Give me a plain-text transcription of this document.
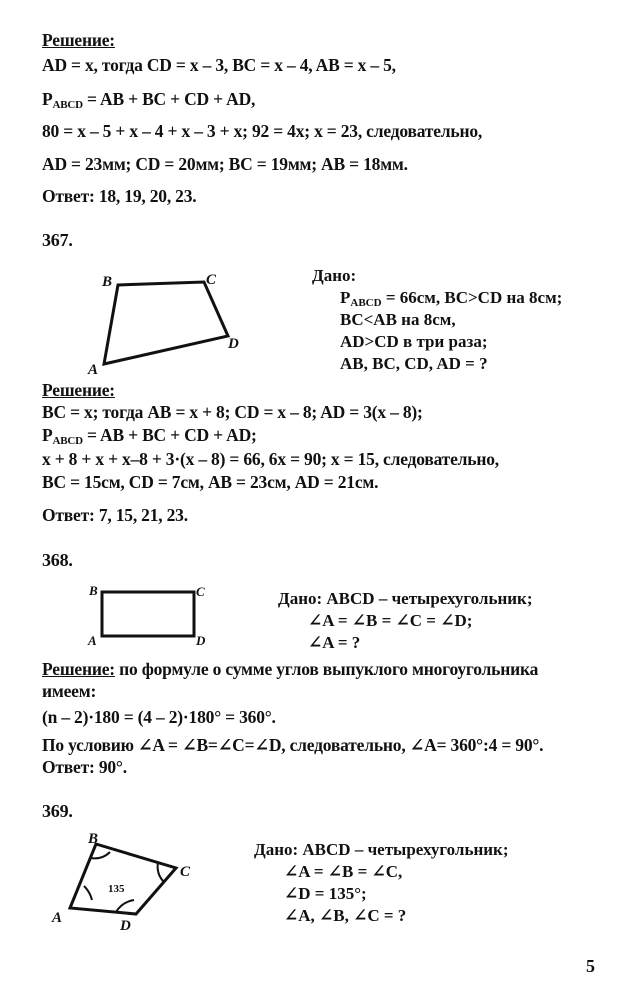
Решение:
AD = x, тогда CD = x – 3, BC = x – 4, AB = x – 5,
$P_{ABCD}$ = AB + BC + CD + AD,
80 = x – 5 + x – 4 + x – 3 + x; 92 = 4x; x = 23, следовательно,
AD = 23мм; CD = 20мм; BC = 19мм; AB = 18мм.
Ответ: 18, 19, 20, 23.
367.
B	C
D
A
Дано:
$P_{ABCD} = 66см$, BC>CD на 8см;
BC<AB на 8см,
AD>CD в три раза;
AB, BC, CD, AD = ?
Решение:
BC = x; тогда AB = x + 8; CD = x – 8; AD = 3(x – 8);
$P_{ABCD}$ = AB + BC + CD + AD;
x + 8 + x + x–8 + 3·(x – 8) = 66, 6x = 90; x = 15, следовательно,
BC = 15см, CD = 7см, AB = 23см, AD = 21см.
Ответ: 7, 15, 21, 23.
368.
B	C
A	D
Дано: ABCD – четырехугольник;
∠A = ∠B = ∠C = ∠D;
∠A = ?
Решение: по формуле о сумме углов выпуклого многоугольника
имеем:
(n – 2)·180 = (4 – 2)·180° = 360°.
По условию ∠A = ∠B=∠C=∠D, следовательно, ∠A= 360°:4 = 90°.
Ответ: 90°.
369.
135
B
C
A	D
Дано: ABCD – четырехугольник;
∠A = ∠B = ∠C,
∠D = 135°;
∠A, ∠B, ∠C = ?
5
